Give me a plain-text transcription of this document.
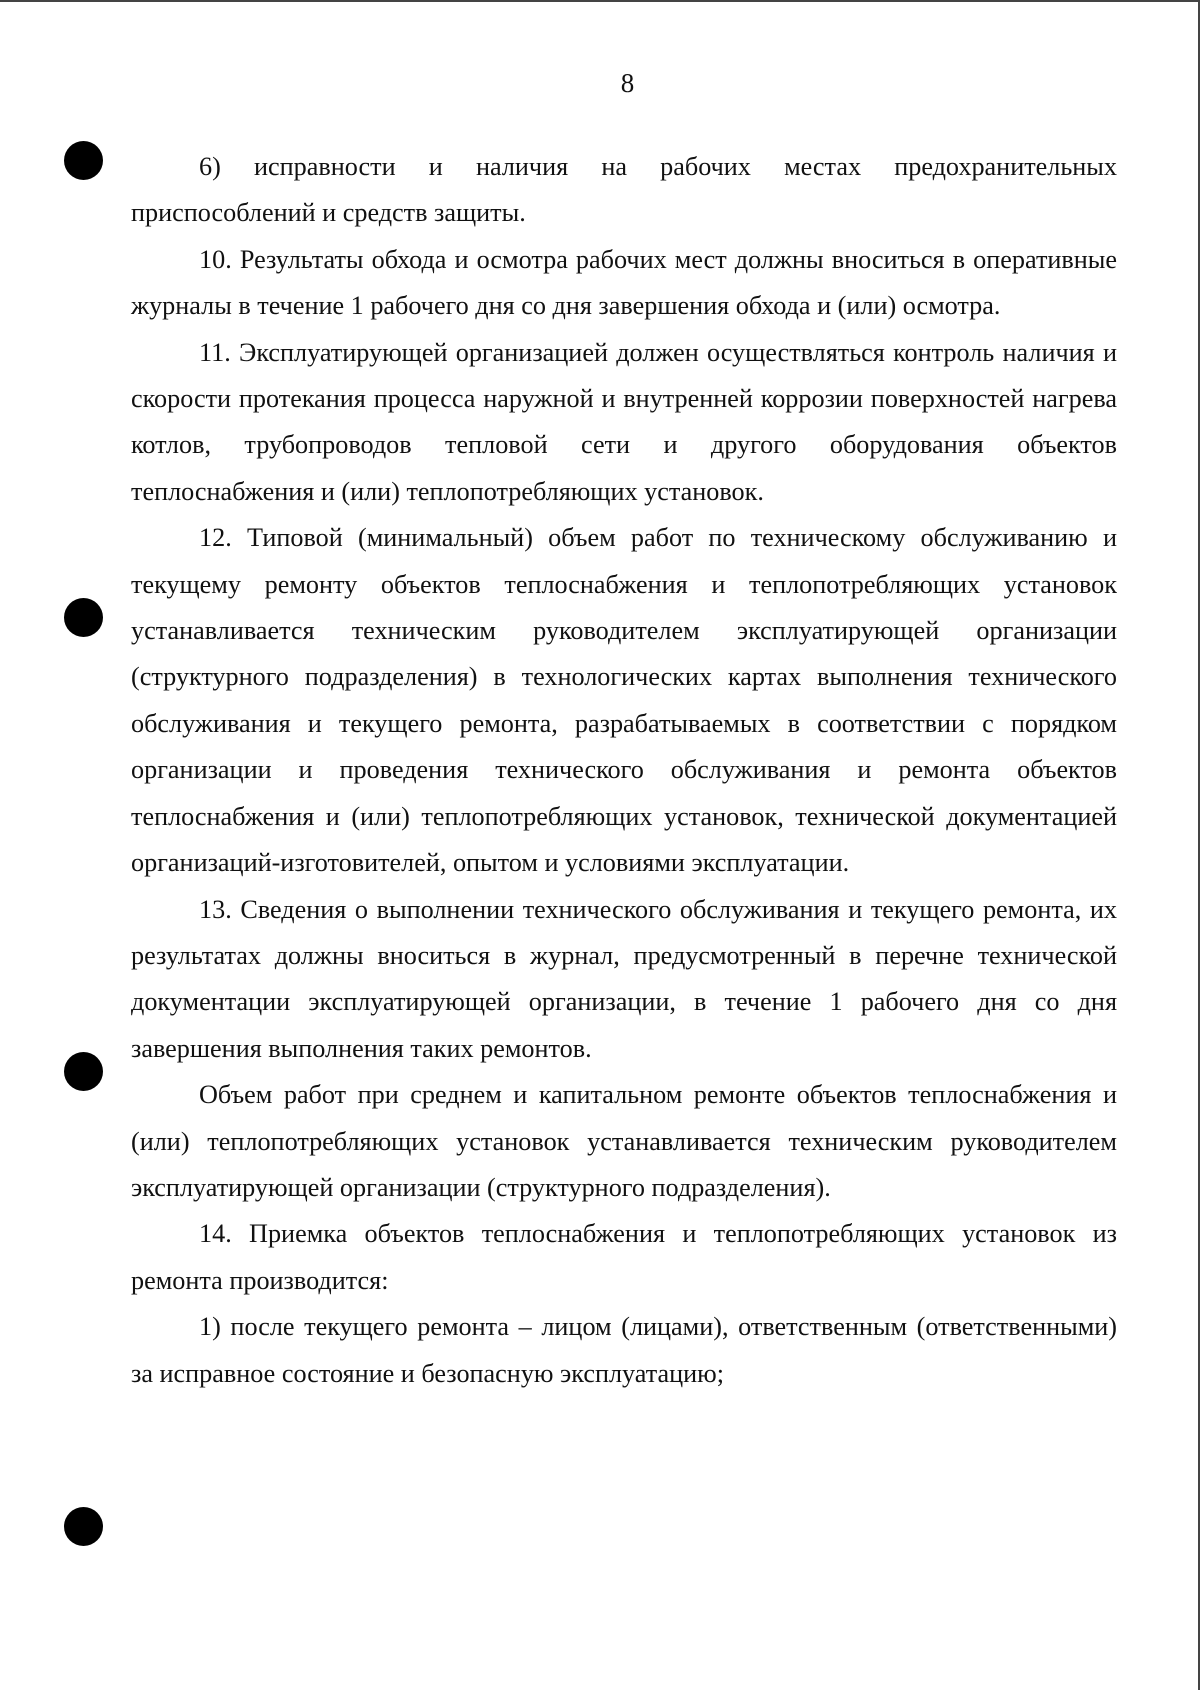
8

6) исправности и наличия на рабочих местах предохранительных приспособлений и средств защиты.

10. Результаты обхода и осмотра рабочих мест должны вноситься в оперативные журналы в течение 1 рабочего дня со дня завершения обхода и (или) осмотра.

11. Эксплуатирующей организацией должен осуществляться контроль наличия и скорости протекания процесса наружной и внутренней коррозии поверхностей нагрева котлов, трубопроводов тепловой сети и другого оборудования объектов теплоснабжения и (или) теплопотребляющих установок.

12. Типовой (минимальный) объем работ по техническому обслуживанию и текущему ремонту объектов теплоснабжения и теплопотребляющих установок устанавливается техническим руководителем эксплуатирующей организации (структурного подразделения) в технологических картах выполнения технического обслуживания и текущего ремонта, разрабатываемых в соответствии с порядком организации и проведения технического обслуживания и ремонта объектов теплоснабжения и (или) теплопотребляющих установок, технической документацией организаций-изготовителей, опытом и условиями эксплуатации.

13. Сведения о выполнении технического обслуживания и текущего ремонта, их результатах должны вноситься в журнал, предусмотренный в перечне технической документации эксплуатирующей организации, в течение 1 рабочего дня со дня завершения выполнения таких ремонтов.

Объем работ при среднем и капитальном ремонте объектов теплоснабжения и (или) теплопотребляющих установок устанавливается техническим руководителем эксплуатирующей организации (структурного подразделения).

14. Приемка объектов теплоснабжения и теплопотребляющих установок из ремонта производится:

1) после текущего ремонта – лицом (лицами), ответственным (ответственными) за исправное состояние и безопасную эксплуатацию;
